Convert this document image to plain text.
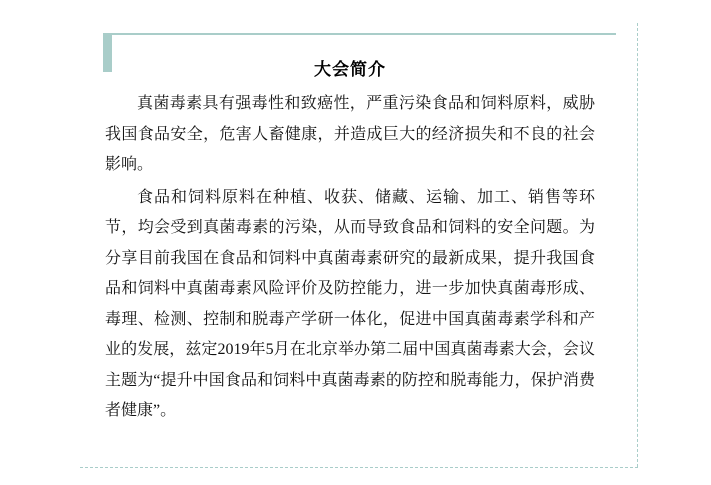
大会简介

真菌毒素具有强毒性和致癌性，严重污染食品和饲料原料，威胁我国食品安全，危害人畜健康，并造成巨大的经济损失和不良的社会影响。

食品和饲料原料在种植、收获、储藏、运输、加工、销售等环节，均会受到真菌毒素的污染，从而导致食品和饲料的安全问题。为分享目前我国在食品和饲料中真菌毒素研究的最新成果，提升我国食品和饲料中真菌毒素风险评价及防控能力，进一步加快真菌毒形成、毒理、检测、控制和脱毒产学研一体化，促进中国真菌毒素学科和产业的发展，兹定2019年5月在北京举办第二届中国真菌毒素大会，会议主题为“提升中国食品和饲料中真菌毒素的防控和脱毒能力，保护消费者健康”。
